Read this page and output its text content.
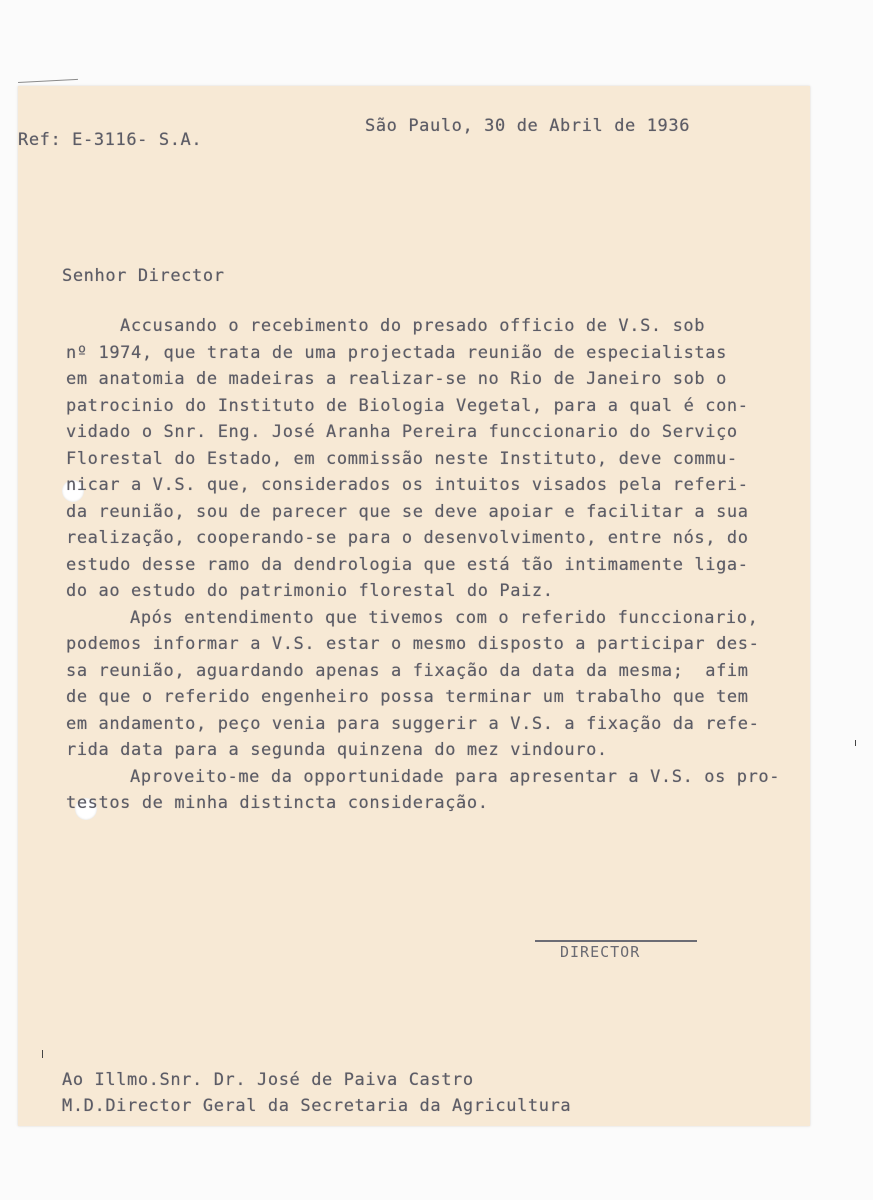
Ref: E-3116- S.A.
São Paulo, 30 de Abril de 1936
Senhor Director
Accusando o recebimento do presado officio de V.S. sob
nº 1974, que trata de uma projectada reunião de especialistas
em anatomia de madeiras a realizar-se no Rio de Janeiro sob o
patrocinio do Instituto de Biologia Vegetal, para a qual é con-
vidado o Snr. Eng. José Aranha Pereira funccionario do Serviço
Florestal do Estado, em commissão neste Instituto, deve commu-
nicar a V.S. que, considerados os intuitos visados pela referi-
da reunião, sou de parecer que se deve apoiar e facilitar a sua
realização, cooperando-se para o desenvolvimento, entre nós, do
estudo desse ramo da dendrologia que está tão intimamente liga-
do ao estudo do patrimonio florestal do Paiz.
Após entendimento que tivemos com o referido funccionario,
podemos informar a V.S. estar o mesmo disposto a participar des-
sa reunião, aguardando apenas a fixação da data da mesma;  afim
de que o referido engenheiro possa terminar um trabalho que tem
em andamento, peço venia para suggerir a V.S. a fixação da refe-
rida data para a segunda quinzena do mez vindouro.
Aproveito-me da opportunidade para apresentar a V.S. os pro-
testos de minha distincta consideração.
DIRECTOR
Ao Illmo.Snr. Dr. José de Paiva Castro
M.D.Director Geral da Secretaria da Agricultura
